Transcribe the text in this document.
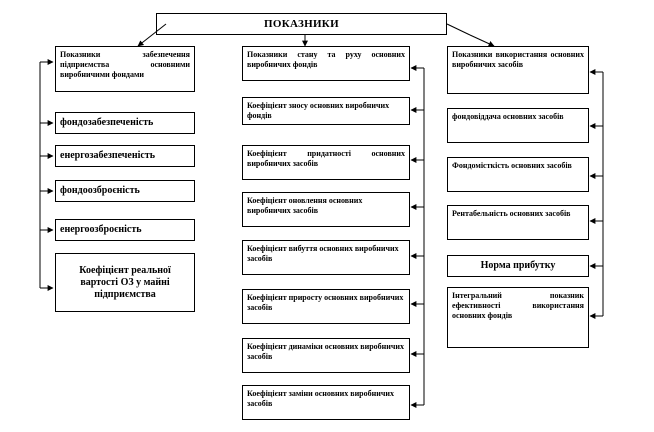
ПОКАЗНИКИ
Показники забезпечення підприємства основними виробничими фондами
фондозабезпеченість
енергозабезпеченість
фондоозброєність
енергоозброєність
Коефіцієнт реальної вартості ОЗ у майні підприємства
Показники стану та руху основних виробничих фондів
Коефіцієнт зносу основних виробничих фондів
Коефіцієнт придатності основних виробничих засобів
Коефіцієнт оновлення основних виробничих засобів
Коефіцієнт вибуття основних виробничих засобів
Коефіцієнт приросту основних виробничих засобів
Коефіцієнт динаміки основних виробничих засобів
Коефіцієнт заміни основних виробничих засобів
Показники використання основних виробничих засобів
фондовіддача основних засобів
Фондомісткість основних засобів
Рентабельність основних засобів
Норма прибутку
Інтегральний показник ефективності використання основних фондів
